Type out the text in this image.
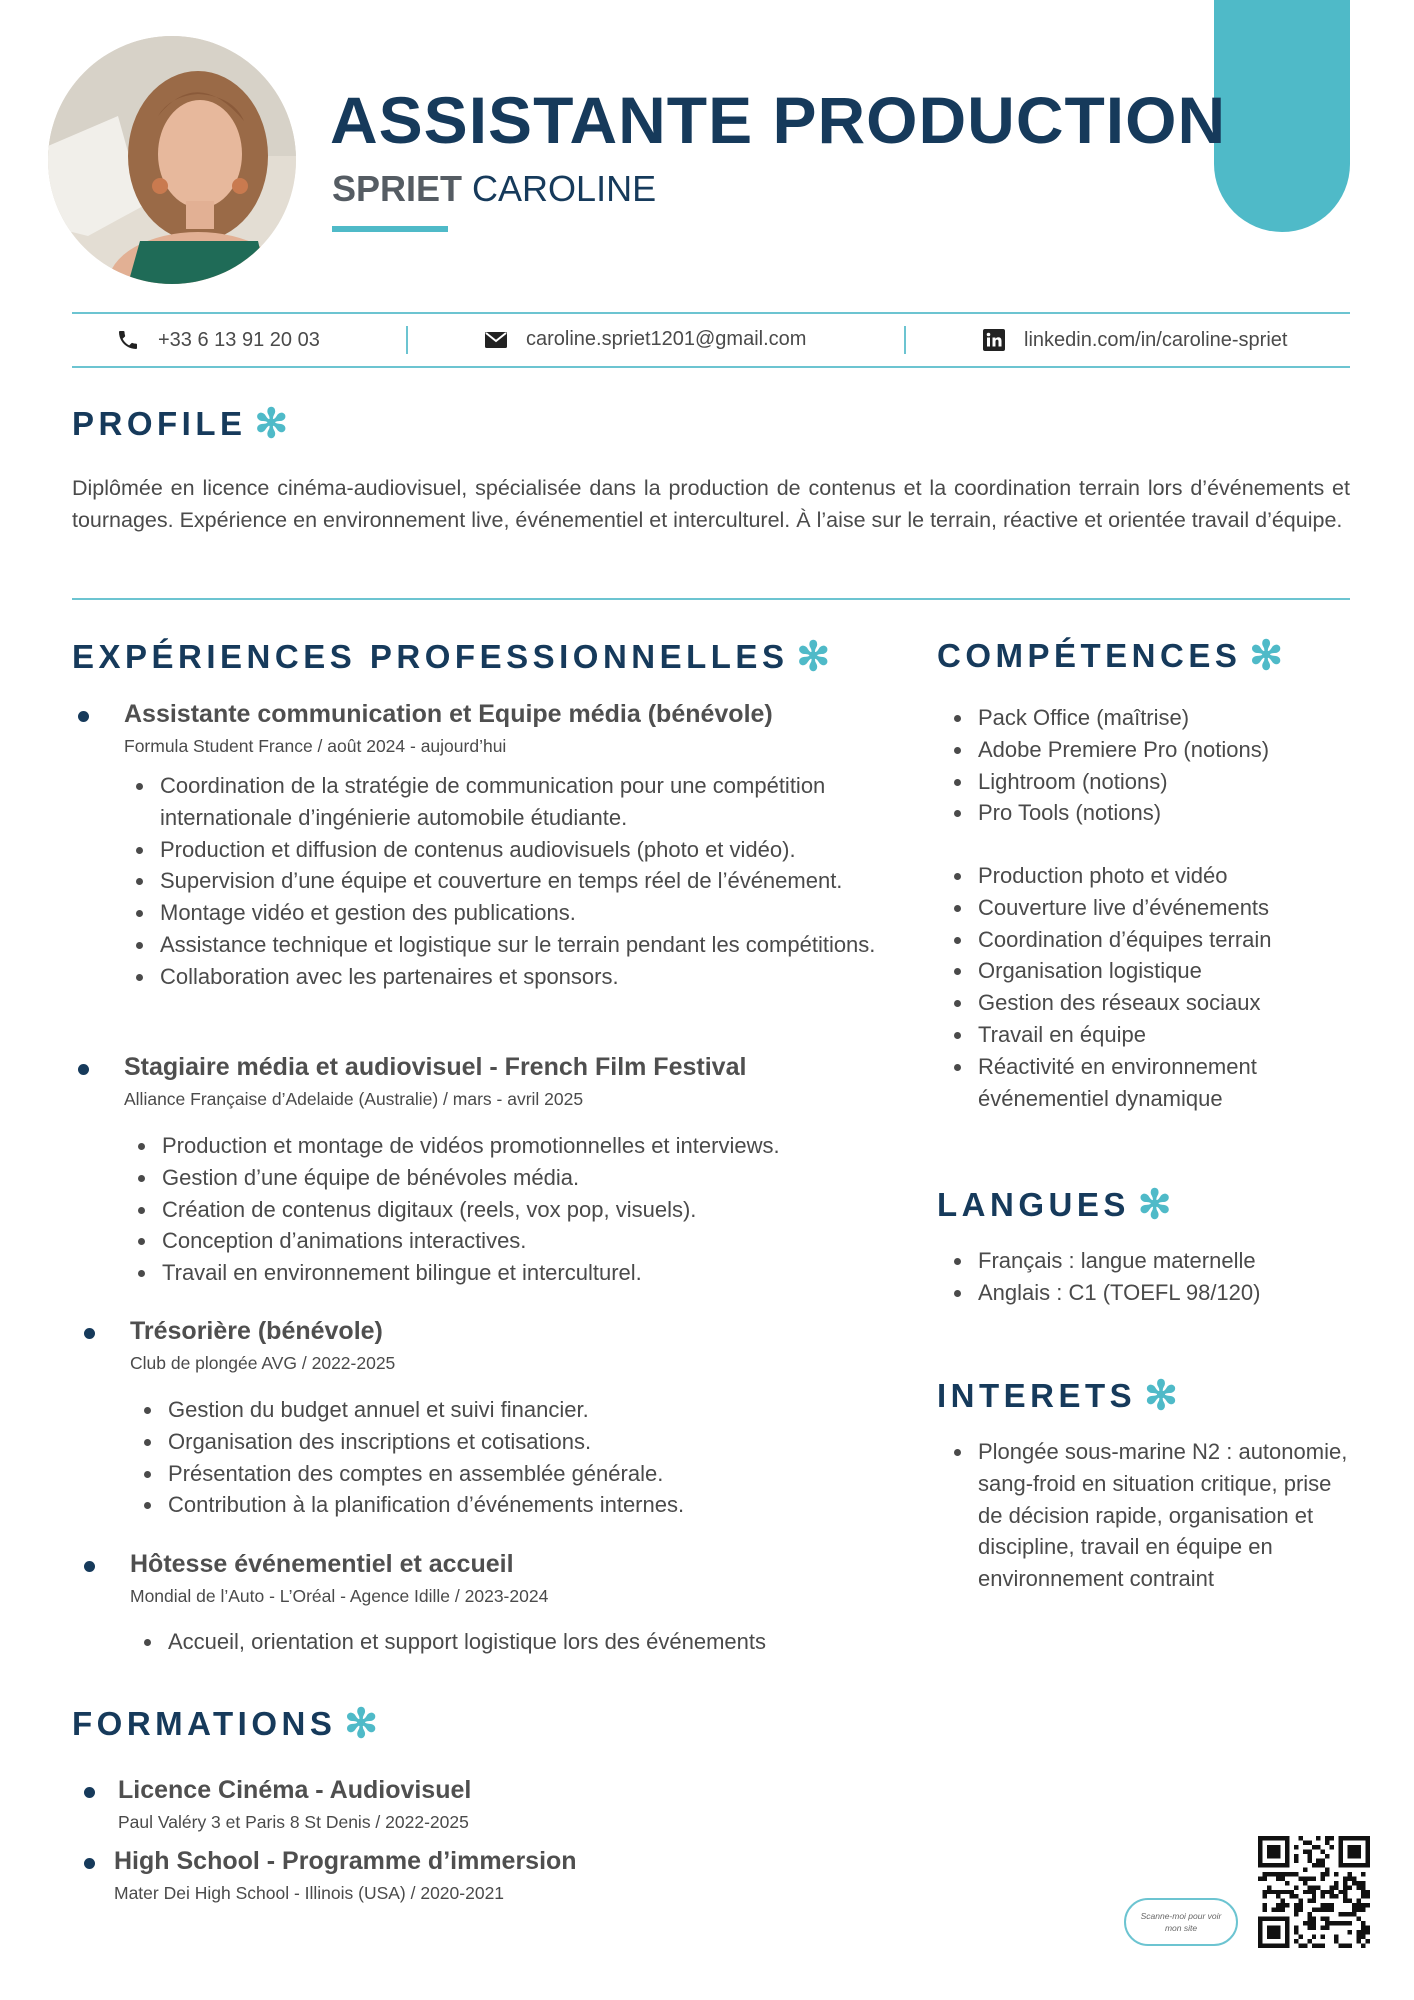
ASSISTANTE PRODUCTION
SPRIET CAROLINE
+33 6 13 91 20 03	caroline.spriet1201@gmail.com	linkedin.com/in/caroline-spriet
PROFILE ✻

Diplômée en licence cinéma-audiovisuel, spécialisée dans la production de contenus et la coordination terrain lors d’événements et tournages. Expérience en environnement live, événementiel et interculturel. À l’aise sur le terrain, réactive et orientée travail d’équipe.

EXPÉRIENCES PROFESSIONNELLES ✻
Assistante communication et Equipe média (bénévole)
Formula Student France / août 2024 - aujourd’hui
• Coordination de la stratégie de communication pour une compétition internationale d’ingénierie automobile étudiante.
• Production et diffusion de contenus audiovisuels (photo et vidéo).
• Supervision d’une équipe et couverture en temps réel de l’événement.
• Montage vidéo et gestion des publications.
• Assistance technique et logistique sur le terrain pendant les compétitions.
• Collaboration avec les partenaires et sponsors.
Stagiaire média et audiovisuel - French Film Festival
Alliance Française d’Adelaide (Australie) / mars - avril 2025
• Production et montage de vidéos promotionnelles et interviews.
• Gestion d’une équipe de bénévoles média.
• Création de contenus digitaux (reels, vox pop, visuels).
• Conception d’animations interactives.
• Travail en environnement bilingue et interculturel.
Trésorière (bénévole)
Club de plongée AVG / 2022-2025
• Gestion du budget annuel et suivi financier.
• Organisation des inscriptions et cotisations.
• Présentation des comptes en assemblée générale.
• Contribution à la planification d’événements internes.
Hôtesse événementiel et accueil
Mondial de l’Auto - L’Oréal - Agence Idille / 2023-2024
• Accueil, orientation et support logistique lors des événements
FORMATIONS ✻
Licence Cinéma - Audiovisuel
Paul Valéry 3 et Paris 8 St Denis / 2022-2025
High School - Programme d’immersion
Mater Dei High School - Illinois (USA) / 2020-2021
COMPÉTENCES ✻
• Pack Office (maîtrise)
• Adobe Premiere Pro (notions)
• Lightroom (notions)
• Pro Tools (notions)
• Production photo et vidéo
• Couverture live d’événements
• Coordination d’équipes terrain
• Organisation logistique
• Gestion des réseaux sociaux
• Travail en équipe
• Réactivité en environnement événementiel dynamique
LANGUES ✻
• Français : langue maternelle
• Anglais : C1 (TOEFL 98/120)
INTERETS ✻
• Plongée sous-marine N2 : autonomie, sang-froid en situation critique, prise de décision rapide, organisation et discipline, travail en équipe en environnement contraint
Scanne-moi pour voir mon site
